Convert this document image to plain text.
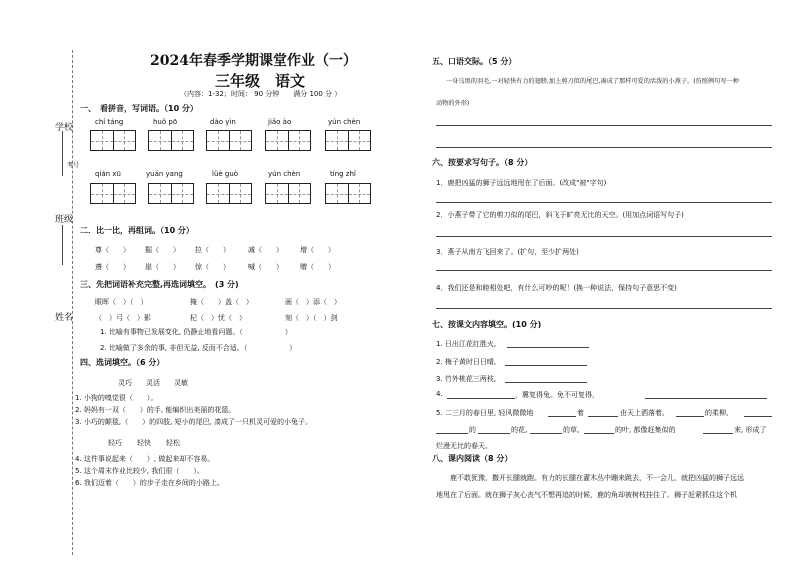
学校
班级
姓名
考号
2024年春季学期课堂作业（一）
三年级　语文
（内容：1-32；时间： 90 分钟　　满分 100 分 ）
一、　看拼音，写词语。（10 分）
chí táng	huǒ pō	dào yìn	jiǎo ào	yún chèn
qián xū	yuán yang	lüè guò	yún chèn	tíng zhǐ
二．比一比，再组词。（10 分）
尊（　　） 掘（　　） 拉（　　）	减（　　） 增（　　）
遵（　　） 崖（　　） 惊（　　）	喊（　　） 赠（　　）
三、先把词语补充完整,再选词填空。　(3 分)
眼晖（　）（　）	掩（　　）盖（　）	画（　）添（　）
（　）弓（　）影	杞（　）忧（　）	刻（　）（　）剑
1. 比喻有事物已发展变化, 仍静止地看问题。（　　　　　　）
2. 比喻做了多余的事, 非但无益, 反而不合适。（　　　　　　）
四、选词填空。（6 分）
灵巧 灵活 灵敏
1. 小狗的嗅觉很（　　）。
2. 妈妈有一双（　　）的手, 能编织出美丽的花篮。
3. 小巧的颠毯,（　　）的四肢, 短小的尾巴, 凑成了一只机灵可爱的小兔子。
轻巧 轻快 轻松
4. 这件事说起来（　　）, 做起来却不容易。
5. 这个周末作业比较少, 我们很（　　）。
6. 我们迈着（　　）的步子走在乡间的小路上。
五、口语交际。（5 分）
一身乌黑的羽毛,一对轻快有力的翅膀,加上剪刀似的尾巴,凑成了那样可爱的活泼的小燕子。(仿照例句写一种
动物的外形)
六、按要求写句子。（8 分）
1．鹿把凶猛的狮子远远地甩在了后面。(改成"被"字句)
2．小燕子带了它的剪刀似的尾巴，斜飞于旷亮无比的天空。(用加点词语写句子)
3．燕子从南方飞回来了。(扩句，至少扩两处)
4．我们还是和睦相处吧，有什么可吵的呢！(换一种说法，保持句子意思不变)
七、按课文内容填空。(10 分)
1. 日出江花红胜火,
2. 梅子黄时日日晴,
3. 竹外桃花三两枝,
4.	，冀复得兔。免不可复得，
5. 二三月的春日里, 轻风微微地	着	由天上洒落着,	的柔柳,
的	的花,	的草,	的叶, 都像赶集似的	来, 形成了
烂漫无比的春天。
八、课内阅读（8 分）
　　鹿不敢犹豫，撒开长腿就跑。有力的长腿在灌木丛中蹦来跳去，不一会儿，就把凶猛的狮子远远
地甩在了后面。就在狮子灰心丧气不想再追的时候，鹿的角却被树枝挂住了。狮子赶紧抓住这个机
